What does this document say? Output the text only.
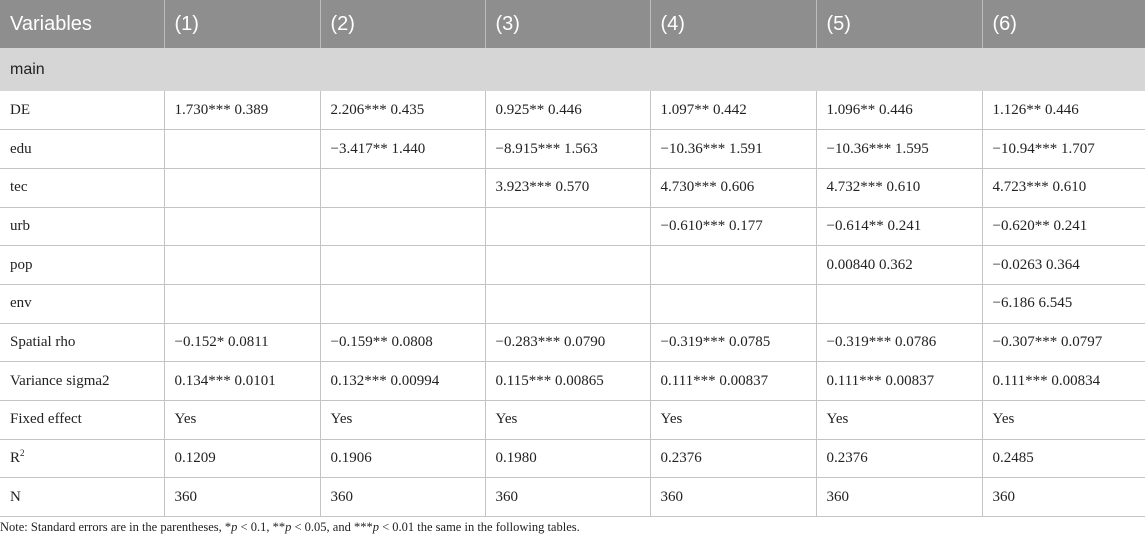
Variables	(1)	(2)	(3)	(4)	(5)	(6)
main						
DE	1.730*** 0.389	2.206*** 0.435	0.925** 0.446	1.097** 0.442	1.096** 0.446	1.126** 0.446
edu		−3.417** 1.440	−8.915*** 1.563	−10.36*** 1.591	−10.36*** 1.595	−10.94*** 1.707
tec			3.923*** 0.570	4.730*** 0.606	4.732*** 0.610	4.723*** 0.610
urb				−0.610*** 0.177	−0.614** 0.241	−0.620** 0.241
pop					0.00840 0.362	−0.0263 0.364
env						−6.186 6.545
Spatial rho	−0.152* 0.0811	−0.159** 0.0808	−0.283*** 0.0790	−0.319*** 0.0785	−0.319*** 0.0786	−0.307*** 0.0797
Variance sigma2	0.134*** 0.0101	0.132*** 0.00994	0.115*** 0.00865	0.111*** 0.00837	0.111*** 0.00837	0.111*** 0.00834
Fixed effect	Yes	Yes	Yes	Yes	Yes	Yes
$R^2$	0.1209	0.1906	0.1980	0.2376	0.2376	0.2485
N	360	360	360	360	360	360
Note: Standard errors are in the parentheses, *p < 0.1, **p < 0.05, and ***p < 0.01 the same in the following tables.
